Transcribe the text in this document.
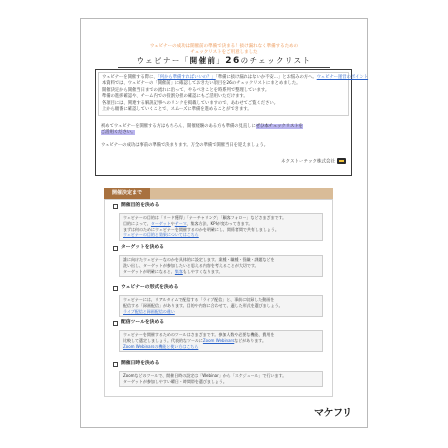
ウェビナーの成功は開催前の準備で決まる！抜け漏れなく準備するための
チェックリストをご用意しました
ウェビナー「開催前」26のチェックリスト
ウェビナーを開催する際に、「何から準備すればいいの？」「準備に抜け漏れはないか不安…」とお悩みの方へ。ウェビナー運営のポイント
本資料では、ウェビナーの「開催前」に確認しておきたい項目を26のチェックリストにまとめました。
開催決定から開催当日までの流れに沿って、やるべきことを時系列で整理しています。
準備の進捗確認や、チーム内での役割分担の確認にもご活用いただけます。
各項目には、関連する解説記事へのリンクを掲載していますので、あわせてご覧ください。
上から順番に確認していくことで、スムーズに準備を進めることができます。
初めてウェビナーを開催する方はもちろん、開催経験のある方も準備の見直しにぜひ本チェックリストを
ご活用ください。
ウェビナーの成功は事前の準備で決まります。万全の準備で開催当日を迎えましょう。
ネクストーテック株式会社
開催決定まで
開催目的を決める
ウェビナーの目的は「リード獲得」「ナーチャリング」「顧客フォロー」などさまざまです。
目的によって、ターゲットやテーマ、集客方法、KPIが変わってきます。
まずは何のためにウェビナーを開催するのかを明確にし、関係者間で共有しましょう。
ウェビナーの目的と効果についてはこちら
ターゲットを決める
誰に向けたウェビナーなのかを具体的に設定します。業種・職種・役職・課題などを
洗い出し、ターゲットが参加したいと思える内容を考えることが大切です。
ターゲットが明確になると、集客もしやすくなります。
ウェビナーの形式を決める
ウェビナーには、リアルタイムで配信する「ライブ配信」と、事前に収録した動画を
配信する「録画配信」があります。目的や内容に合わせて、適した形式を選びましょう。
ライブ配信と録画配信の違い
配信ツールを決める
ウェビナーを開催するためのツールはさまざまです。参加人数や必要な機能、費用を
比較して選定しましょう。代表的なツールにZoom Webinarsなどがあります。
Zoom Webinarsの機能と使い方はこちら
開催日時を決める
Zoomなどのツールで、開催日時の設定は「Webinar」から「スケジュール」で行います。
ターゲットが参加しやすい曜日・時間帯を選びましょう。
マケフリ
